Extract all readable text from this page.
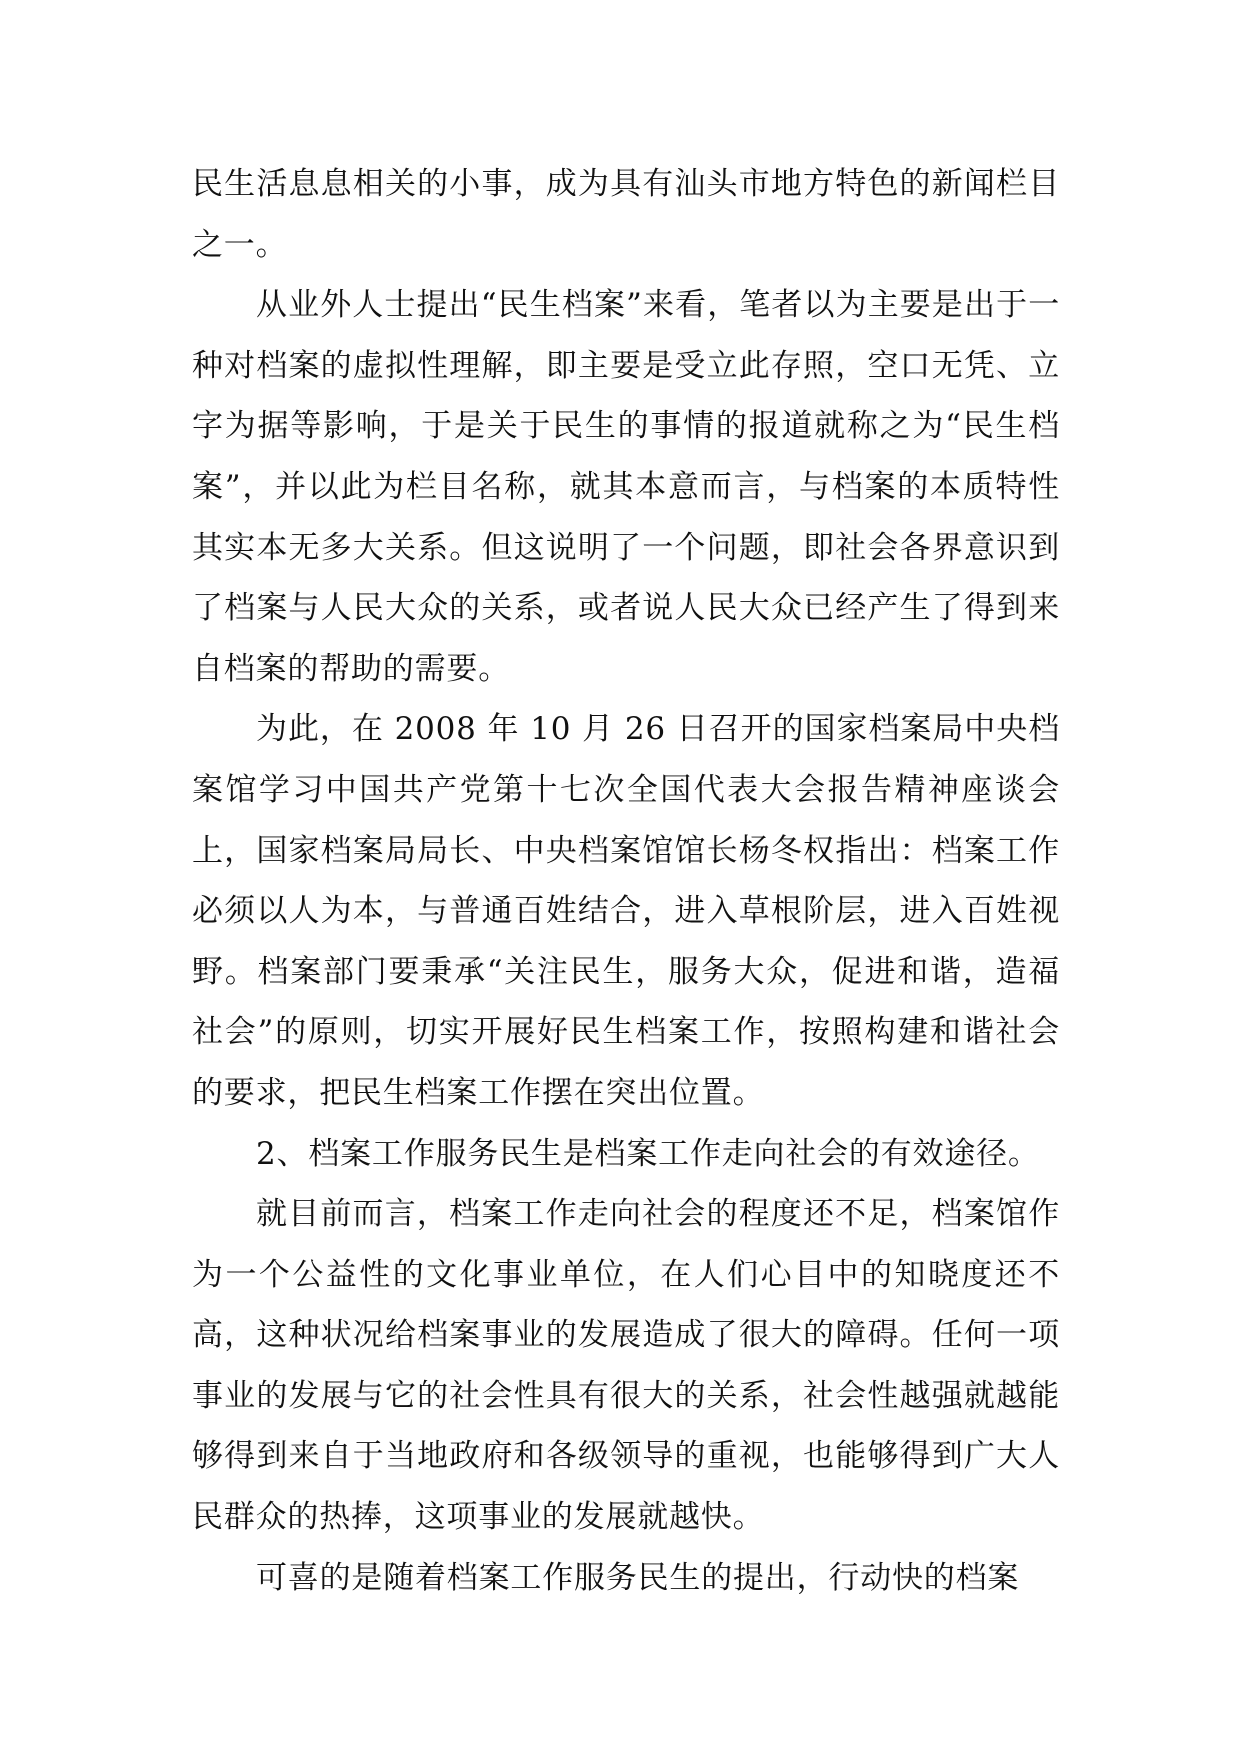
民生活息息相关的小事，成为具有汕头市地方特色的新闻栏目之一。

从业外人士提出“民生档案”来看，笔者以为主要是出于一种对档案的虚拟性理解，即主要是受立此存照，空口无凭、立字为据等影响，于是关于民生的事情的报道就称之为“民生档案”，并以此为栏目名称，就其本意而言，与档案的本质特性其实本无多大关系。但这说明了一个问题，即社会各界意识到了档案与人民大众的关系，或者说人民大众已经产生了得到来自档案的帮助的需要。

为此，在 2008 年 10 月 26 日召开的国家档案局中央档案馆学习中国共产党第十七次全国代表大会报告精神座谈会上，国家档案局局长、中央档案馆馆长杨冬权指出：档案工作必须以人为本，与普通百姓结合，进入草根阶层，进入百姓视野。档案部门要秉承“关注民生，服务大众，促进和谐，造福社会”的原则，切实开展好民生档案工作，按照构建和谐社会的要求，把民生档案工作摆在突出位置。

2、档案工作服务民生是档案工作走向社会的有效途径。

就目前而言，档案工作走向社会的程度还不足，档案馆作为一个公益性的文化事业单位，在人们心目中的知晓度还不高，这种状况给档案事业的发展造成了很大的障碍。任何一项事业的发展与它的社会性具有很大的关系，社会性越强就越能够得到来自于当地政府和各级领导的重视，也能够得到广大人民群众的热捧，这项事业的发展就越快。

可喜的是随着档案工作服务民生的提出，行动快的档案
